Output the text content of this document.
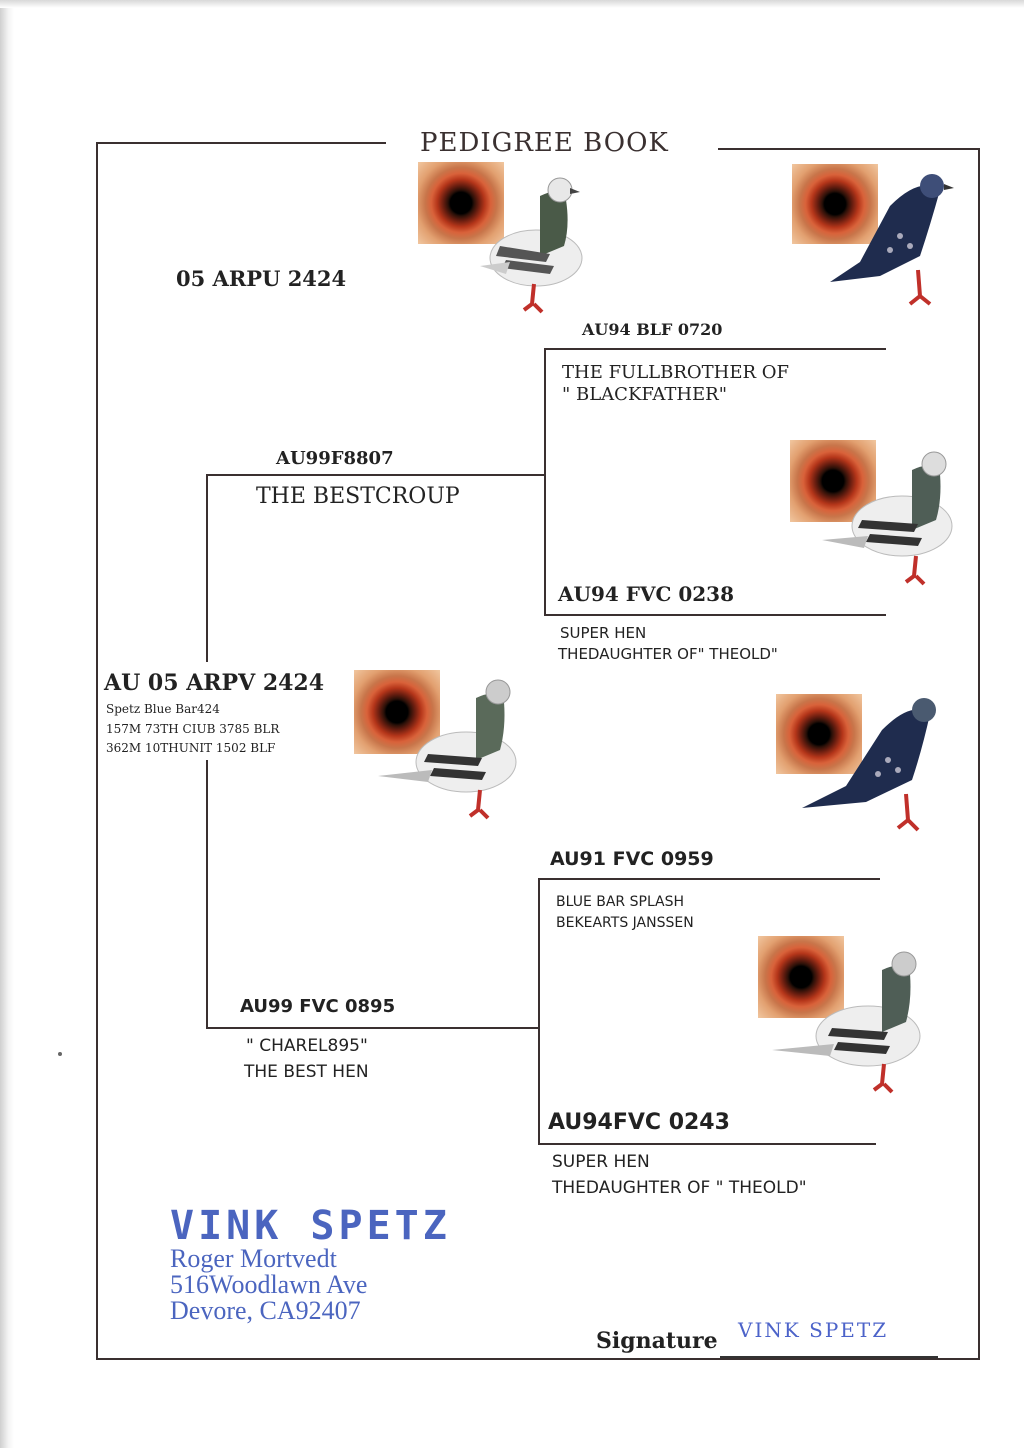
PEDIGREE BOOK
05 ARPU 2424
AU 05 ARPV 2424
Spetz Blue Bar424
157M 73TH CIUB 3785 BLR
362M 10THUNIT 1502 BLF
AU99F8807
THE BESTCROUP
AU99 FVC 0895
" CHAREL895"
THE BEST HEN
AU94 BLF 0720
THE FULLBROTHER OF
" BLACKFATHER"
AU94 FVC 0238
SUPER HEN
THEDAUGHTER OF" THEOLD"
AU91 FVC 0959
BLUE BAR SPLASH
BEKEARTS JANSSEN
AU94FVC 0243
SUPER HEN
THEDAUGHTER OF " THEOLD"
VINK SPETZ
Roger Mortvedt
516Woodlawn Ave
Devore, CA92407
Signature VINK SPETZ
